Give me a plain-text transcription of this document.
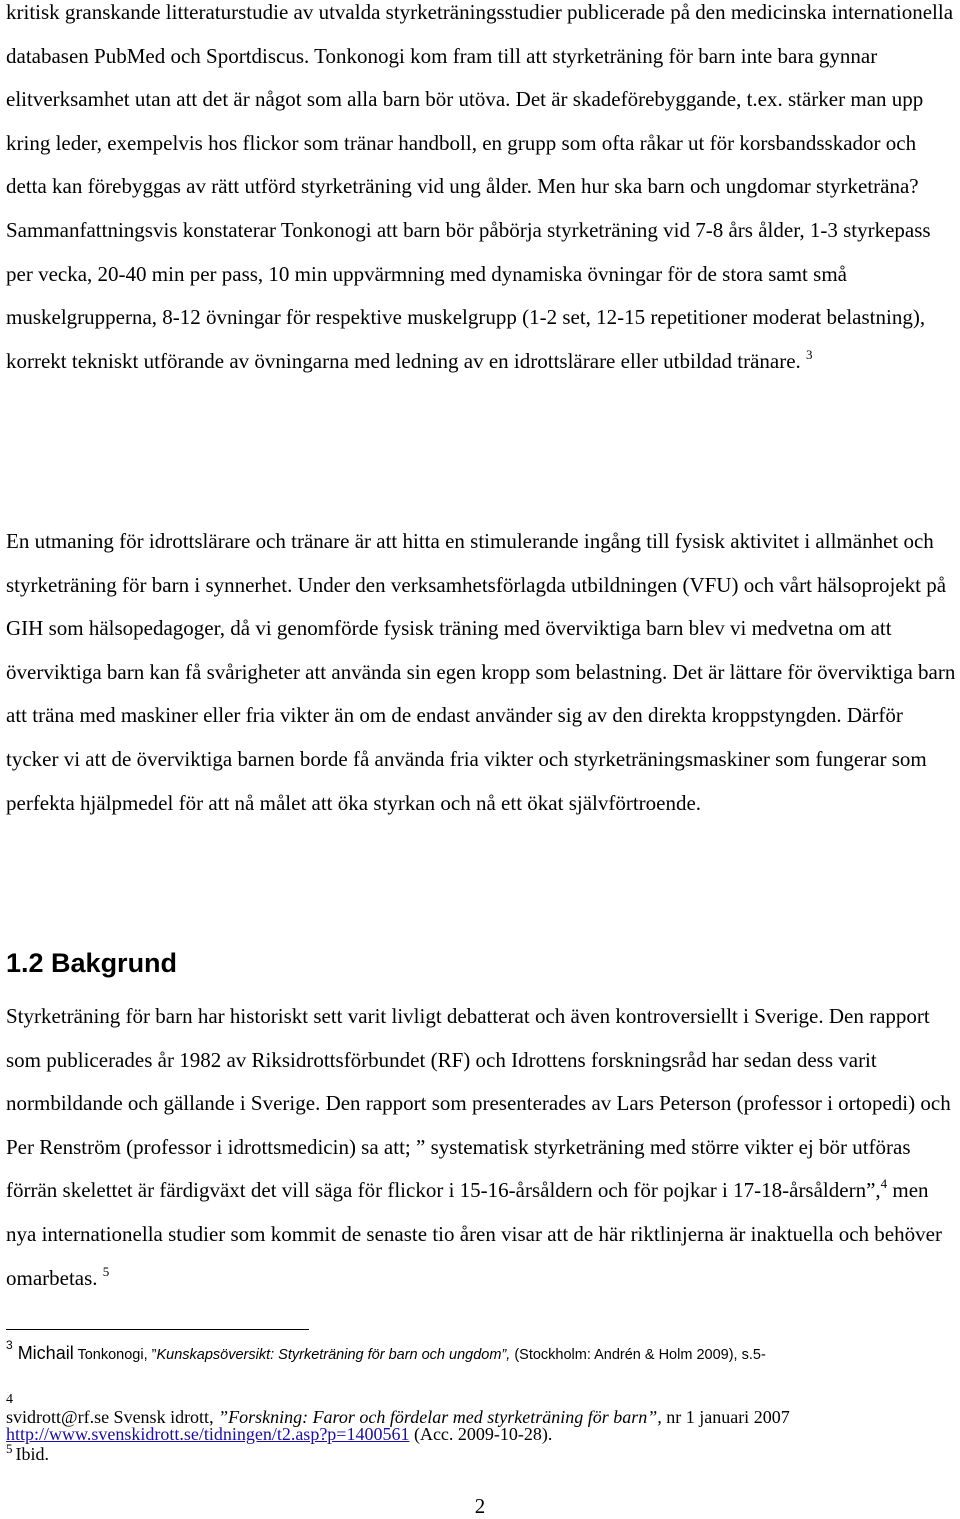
kritisk granskande litteraturstudie av utvalda styrketräningsstudier publicerade på den medicinska internationella databasen PubMed och Sportdiscus. Tonkonogi kom fram till att styrketräning för barn inte bara gynnar elitverksamhet utan att det är något som alla barn bör utöva. Det är skadeförebyggande, t.ex. stärker man upp kring leder, exempelvis hos flickor som tränar handboll, en grupp som ofta råkar ut för korsbandsskador och detta kan förebyggas av rätt utförd styrketräning vid ung ålder. Men hur ska barn och ungdomar styrketräna? Sammanfattningsvis konstaterar Tonkonogi att barn bör påbörja styrketräning vid 7-8 års ålder, 1-3 styrkepass per vecka, 20-40 min per pass, 10 min uppvärmning med dynamiska övningar för de stora samt små muskelgrupperna, 8-12 övningar för respektive muskelgrupp (1-2 set, 12-15 repetitioner moderat belastning), korrekt tekniskt utförande av övningarna med ledning av en idrottslärare eller utbildad tränare. $^3$

En utmaning för idrottslärare och tränare är att hitta en stimulerande ingång till fysisk aktivitet i allmänhet och styrketräning för barn i synnerhet. Under den verksamhetsförlagda utbildningen (VFU) och vårt hälsoprojekt på GIH som hälsopedagoger, då vi genomförde fysisk träning med överviktiga barn blev vi medvetna om att överviktiga barn kan få svårigheter att använda sin egen kropp som belastning. Det är lättare för överviktiga barn att träna med maskiner eller fria vikter än om de endast använder sig av den direkta kroppstyngden. Därför tycker vi att de överviktiga barnen borde få använda fria vikter och styrketräningsmaskiner som fungerar som perfekta hjälpmedel för att nå målet att öka styrkan och nå ett ökat självförtroende.

1.2 Bakgrund

Styrketräning för barn har historiskt sett varit livligt debatterat och även kontroversiellt i Sverige. Den rapport som publicerades år 1982 av Riksidrottsförbundet (RF) och Idrottens forskningsråd har sedan dess varit normbildande och gällande i Sverige. Den rapport som presenterades av Lars Peterson (professor i ortopedi) och Per Renström (professor i idrottsmedicin) sa att; ” systematisk styrketräning med större vikter ej bör utföras förrän skelettet är färdigväxt det vill säga för flickor i 15-16-årsåldern och för pojkar i 17-18-årsåldern”,$^4$ men nya internationella studier som kommit de senaste tio åren visar att de här riktlinjerna är inaktuella och behöver omarbetas. $^5$

$^3$ Michail Tonkonogi, ”Kunskapsöversikt: Styrketräning för barn och ungdom”, (Stockholm: Andrén & Holm 2009), s.5-

4
svidrott@rf.se Svensk idrott, ”Forskning: Faror och fördelar med styrketräning för barn”, nr 1 januari 2007

http://www.svenskidrott.se/tidningen/t2.asp?p=1400561 (Acc. 2009-10-28).

$^5$ Ibid.

2
